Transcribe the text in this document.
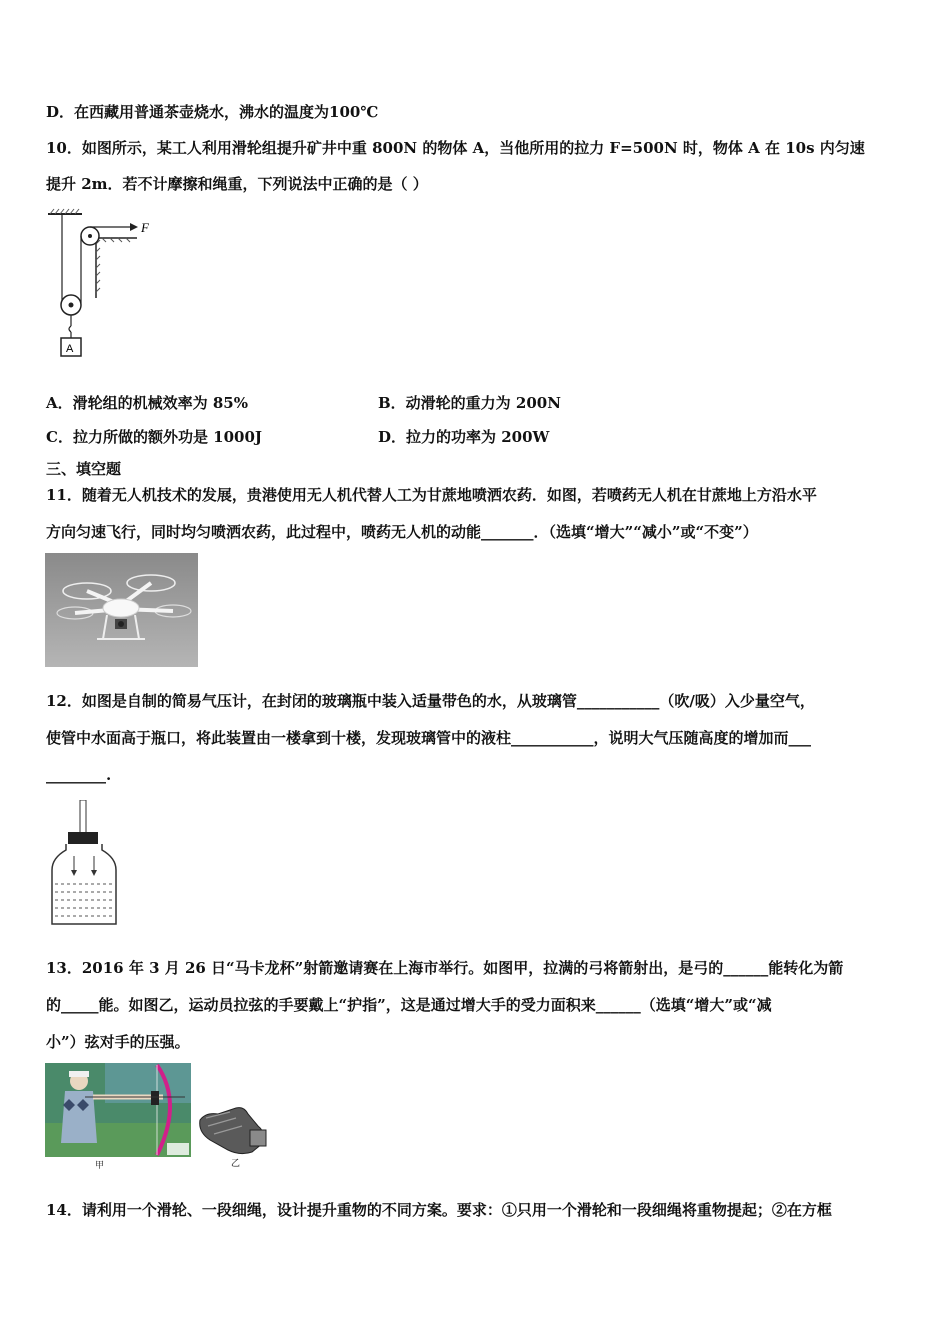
D．在西藏用普通茶壶烧水，沸水的温度为100℃
10．如图所示，某工人利用滑轮组提升矿井中重 800N 的物体 A，当他所用的拉力 F=500N 时，物体 A 在 10s 内匀速
提升 2m．若不计摩擦和绳重，下列说法中正确的是（ ）
F
A
A．滑轮组的机械效率为 85%	B．动滑轮的重力为 200N
C．拉力所做的额外功是 1000J	D．拉力的功率为 200W
三、填空题
11．随着无人机技术的发展，贵港使用无人机代替人工为甘蔗地喷洒农药．如图，若喷药无人机在甘蔗地上方沿水平
方向匀速飞行，同时均匀喷洒农药，此过程中，喷药无人机的动能_______．（选填“增大”“减小”或“不变”）
12．如图是自制的简易气压计，在封闭的玻璃瓶中装入适量带色的水，从玻璃管___________（吹/吸）入少量空气，
使管中水面高于瓶口，将此装置由一楼拿到十楼，发现玻璃管中的液柱___________，说明大气压随高度的增加而___
________.
13．2016 年 3 月 26 日“马卡龙杯”射箭邀请赛在上海市举行。如图甲，拉满的弓将箭射出，是弓的______能转化为箭
的_____能。如图乙，运动员拉弦的手要戴上“护指”，这是通过增大手的受力面积来______（选填“增大”或“减
小”）弦对手的压强。
甲	乙
14．请利用一个滑轮、一段细绳，设计提升重物的不同方案。要求：①只用一个滑轮和一段细绳将重物提起；②在方框
